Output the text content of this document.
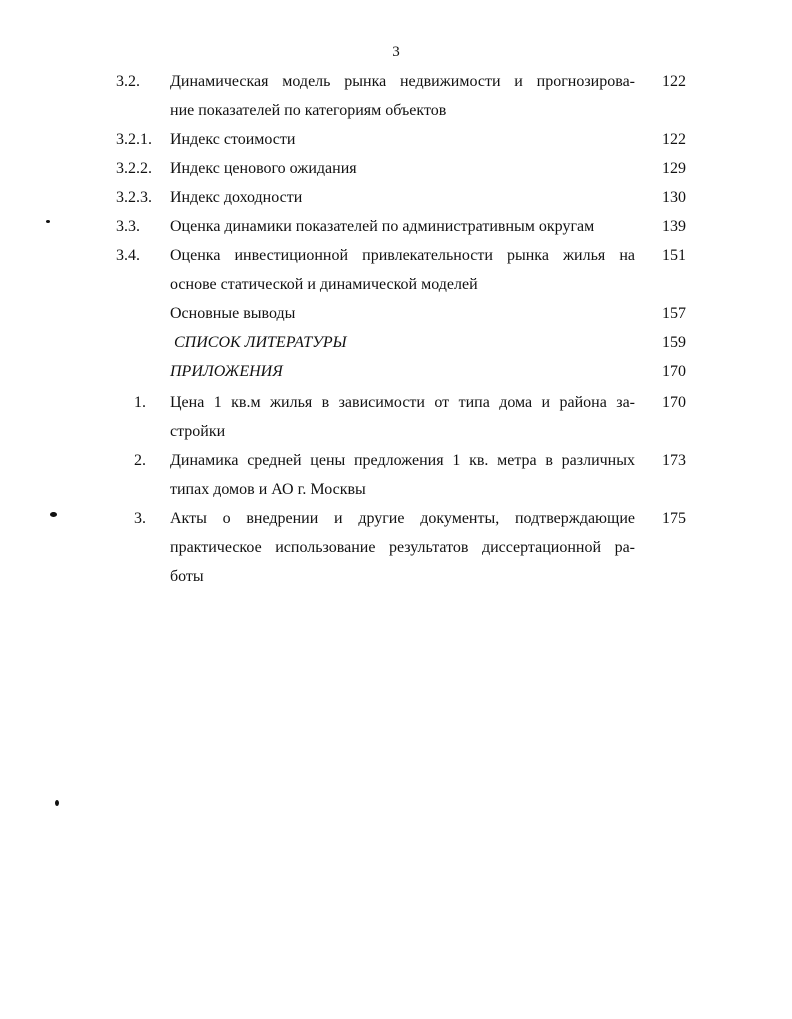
3
3.2. Динамическая модель рынка недвижимости и прогнозирова-
ние показателей по категориям объектов
122
3.2.1. Индекс стоимости	122
3.2.2. Индекс ценового ожидания	129
3.2.3. Индекс доходности	130
3.3. Оценка динамики показателей по административным округам	139
3.4. Оценка инвестиционной привлекательности рынка жилья на
основе статической и динамической моделей
151
Основные выводы	157
СПИСОК ЛИТЕРАТУРЫ	159
ПРИЛОЖЕНИЯ	170
1. Цена 1 кв.м жилья в зависимости от типа дома и района за-
стройки
170
2. Динамика средней цены предложения 1 кв. метра в различных
типах домов и АО г. Москвы
173
3. Акты о внедрении и другие документы, подтверждающие
практическое использование результатов диссертационной ра-
боты
175
